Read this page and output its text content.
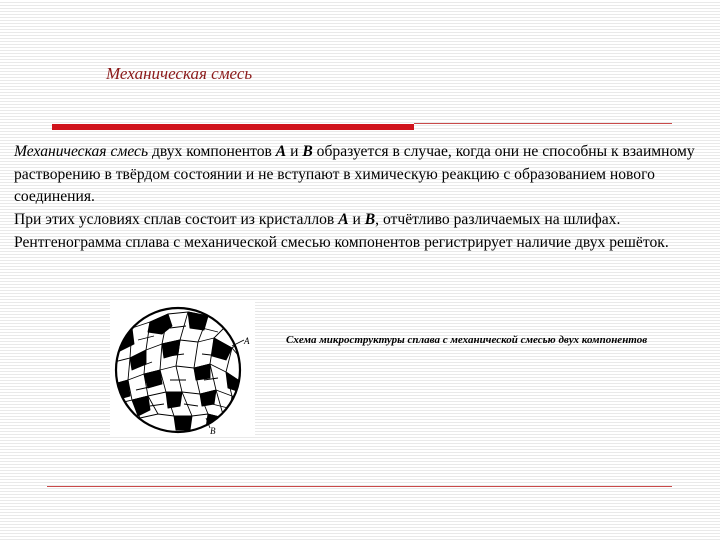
Механическая смесь

Механическая смесь двух компонентов А и В образуется в случае, когда они не способны к взаимному растворению в твёрдом состоянии и не вступают в химическую реакцию с образованием нового соединения.

При этих условиях сплав состоит из кристаллов А и В, отчётливо различаемых на шлифах. Рентгенограмма сплава с механической смесью компонентов регистрирует наличие двух решёток.

А
В
Схема микроструктуры сплава с механической смесью двух компонентов
